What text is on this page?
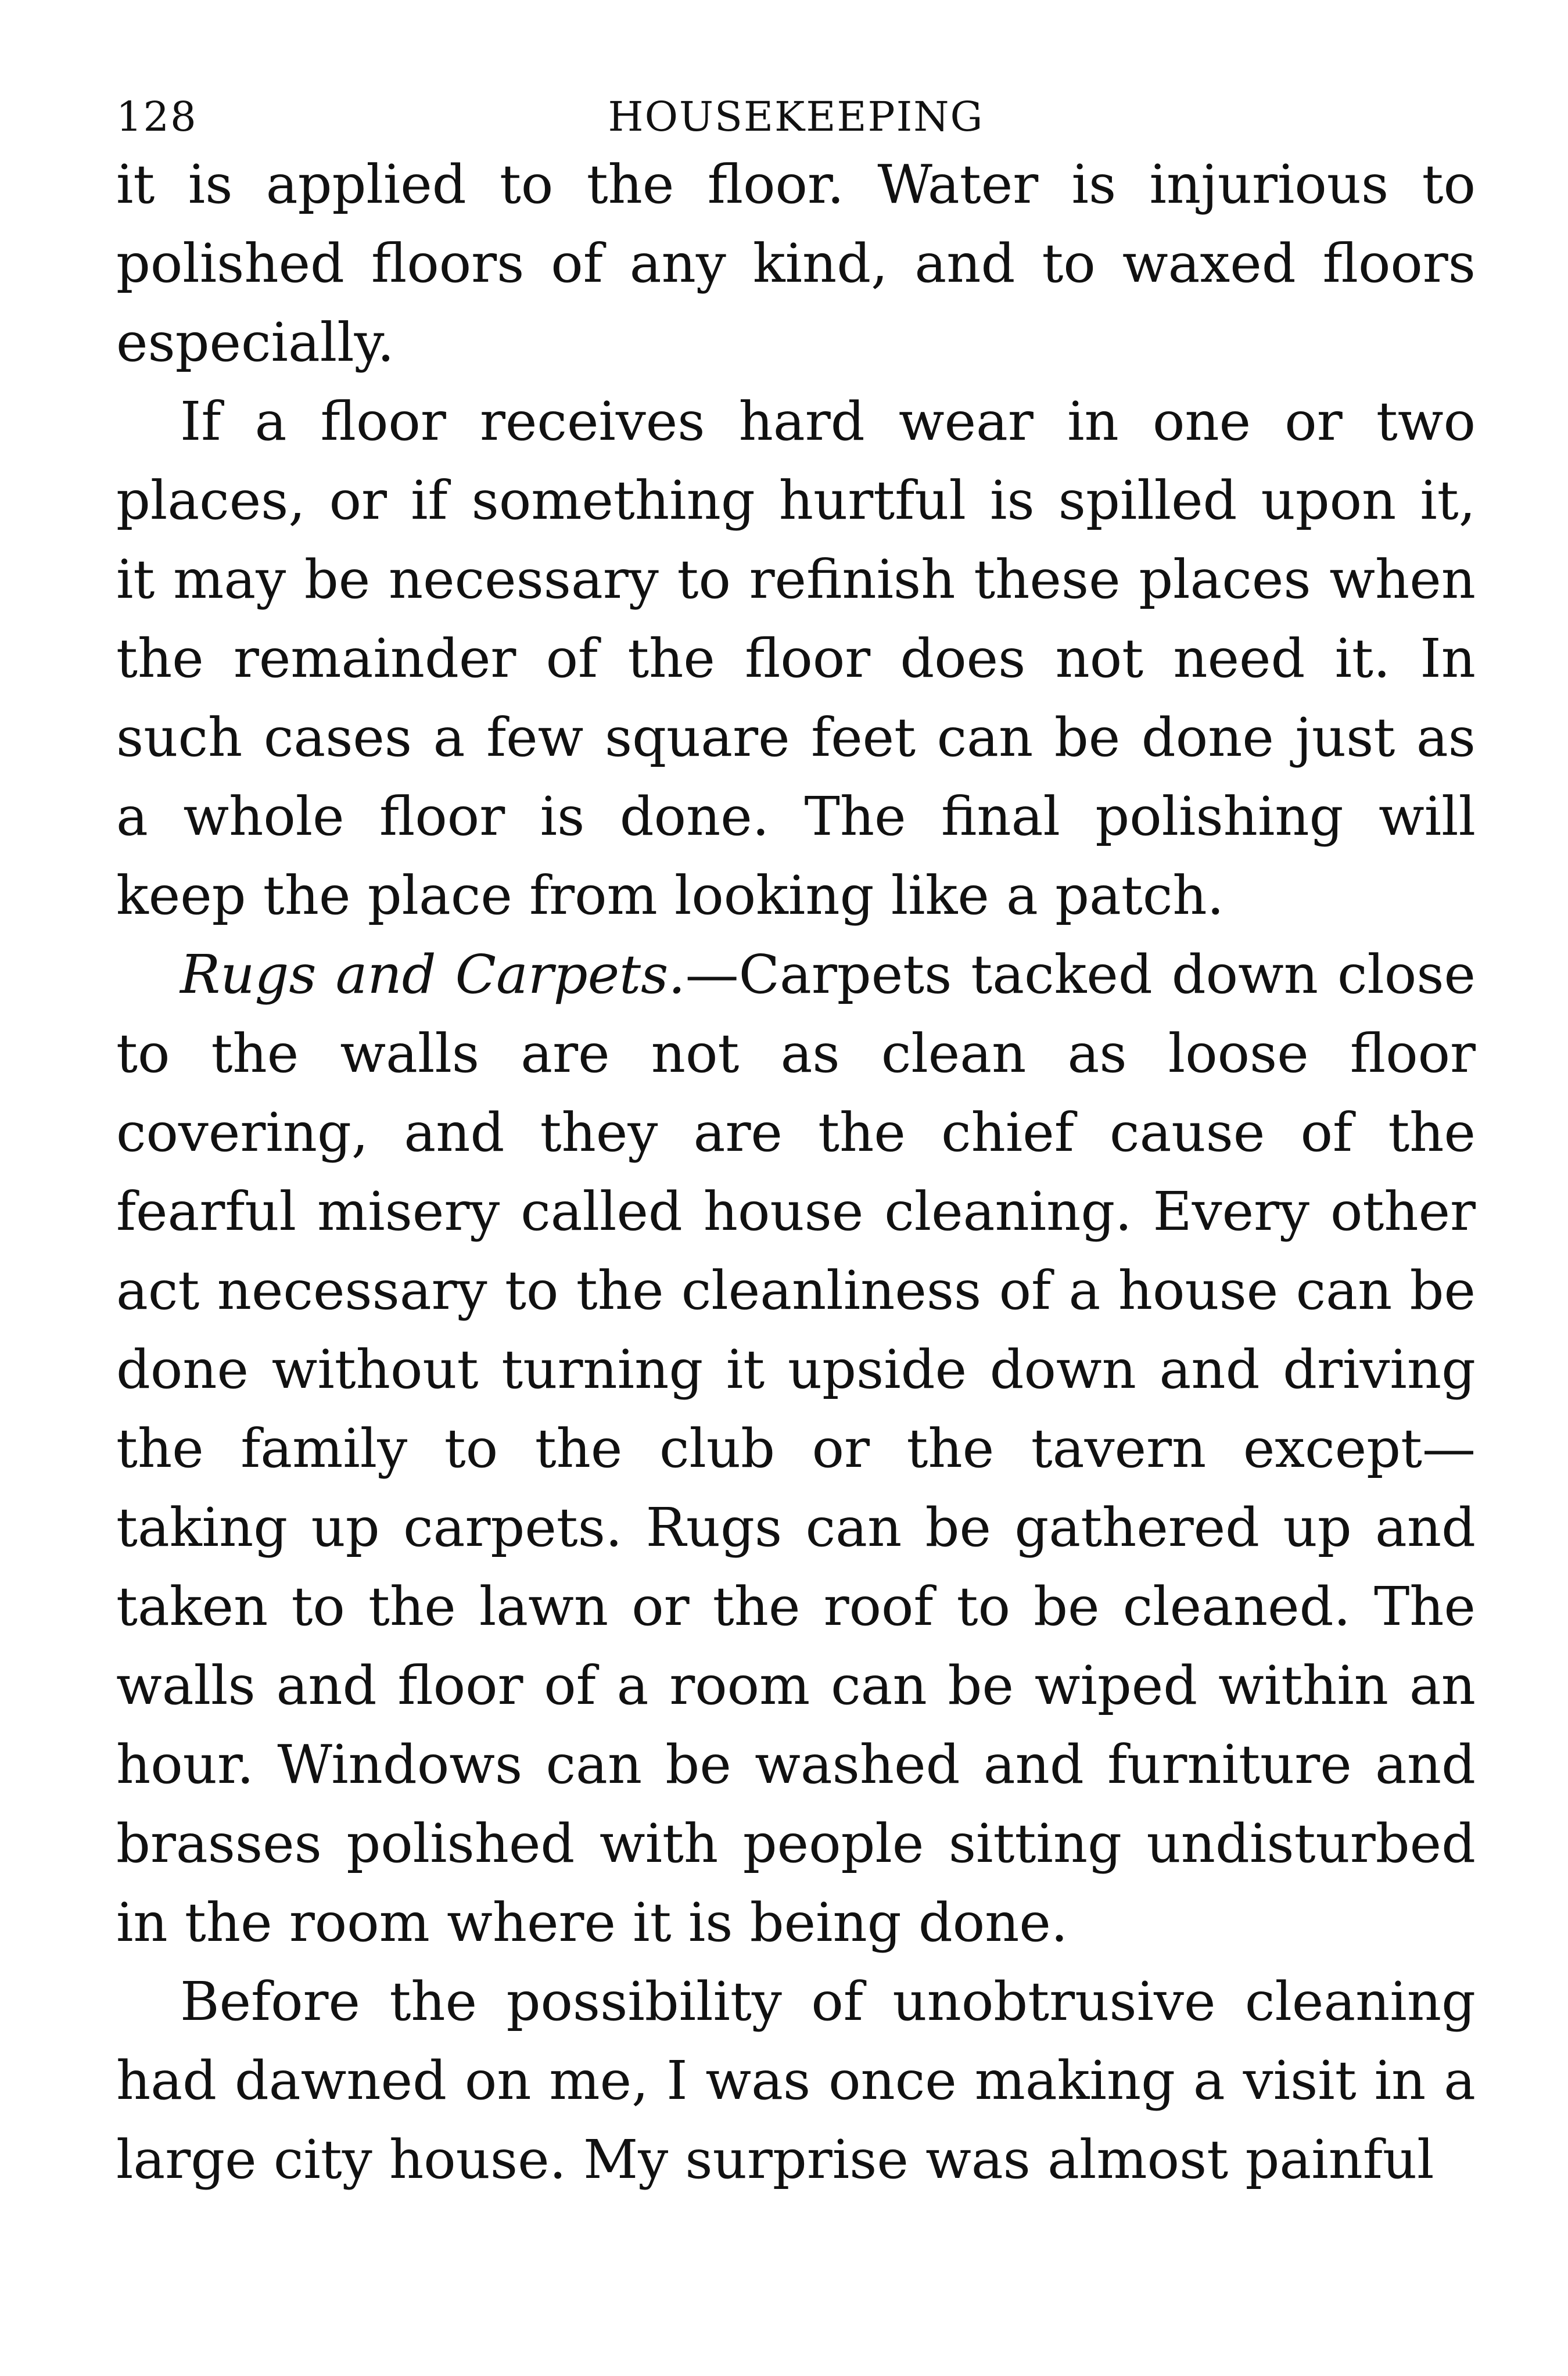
128	HOUSEKEEPING

it is applied to the floor. Water is injurious to polished floors of any kind, and to waxed floors especially.

If a floor receives hard wear in one or two places, or if something hurtful is spilled upon it, it may be necessary to refinish these places when the remainder of the floor does not need it. In such cases a few square feet can be done just as a whole floor is done. The final polishing will keep the place from looking like a patch.

Rugs and Carpets.—Carpets tacked down close to the walls are not as clean as loose floor covering, and they are the chief cause of the fearful misery called house cleaning. Every other act necessary to the cleanliness of a house can be done without turning it upside down and driving the family to the club or the tavern except—taking up carpets. Rugs can be gathered up and taken to the lawn or the roof to be cleaned. The walls and floor of a room can be wiped within an hour. Windows can be washed and furniture and brasses polished with people sitting undisturbed in the room where it is being done.

Before the possibility of unobtrusive cleaning had dawned on me, I was once making a visit in a large city house. My surprise was almost painful
